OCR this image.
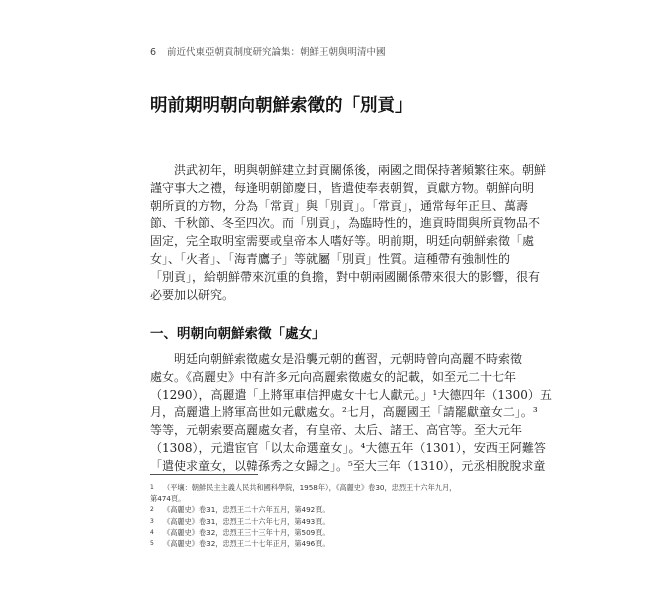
6 前近代東亞朝貢制度研究論集：朝鮮王朝與明清中國
明前期明朝向朝鮮索徵的「別貢」
　　洪武初年，明與朝鮮建立封貢關係後，兩國之間保持著頻繁往來。朝鮮
謹守事大之禮，每逢明朝節慶日，皆遣使奉表朝賀，貢獻方物。朝鮮向明
朝所貢的方物，分為「常貢」與「別貢」。「常貢」，通常每年正旦、萬壽
節、千秋節、冬至四次。而「別貢」，為臨時性的，進貢時間與所貢物品不
固定，完全取明室需要或皇帝本人嗜好等。明前期，明廷向朝鮮索徵「處
女」、「火者」、「海青鷹子」等就屬「別貢」性質。這種帶有強制性的
「別貢」，給朝鮮帶來沉重的負擔，對中朝兩國關係帶來很大的影響，很有
必要加以研究。
一、明朝向朝鮮索徵「處女」
　　明廷向朝鮮索徵處女是沿襲元朝的舊習，元朝時曾向高麗不時索徵
處女。《高麗史》中有許多元向高麗索徵處女的記載，如至元二十七年
（1290），高麗遣「上將軍車信押處女十七人獻元。」¹大德四年（1300）五
月，高麗遣上將軍高世如元獻處女。²七月，高麗國王「請罷獻童女二」。³
等等，元朝索要高麗處女者，有皇帝、太后、諸王、高官等。至大元年
（1308），元遣宦官「以太命選童女」。⁴大德五年（1301），安西王阿難答
「遣使求童女，以韓孫秀之女歸之」。⁵至大三年（1310），元丞相脫脫求童
1	（平壤：朝鮮民主主義人民共和國科學院，1958年），《高麗史》卷30，忠烈王十六年九月，
第474頁。
2	《高麗史》卷31，忠烈王二十六年五月，第492頁。
3	《高麗史》卷31，忠烈王二十六年七月，第493頁。
4	《高麗史》卷32，忠烈王三十三年十月，第509頁。
5	《高麗史》卷32，忠烈王二十七年正月，第496頁。
